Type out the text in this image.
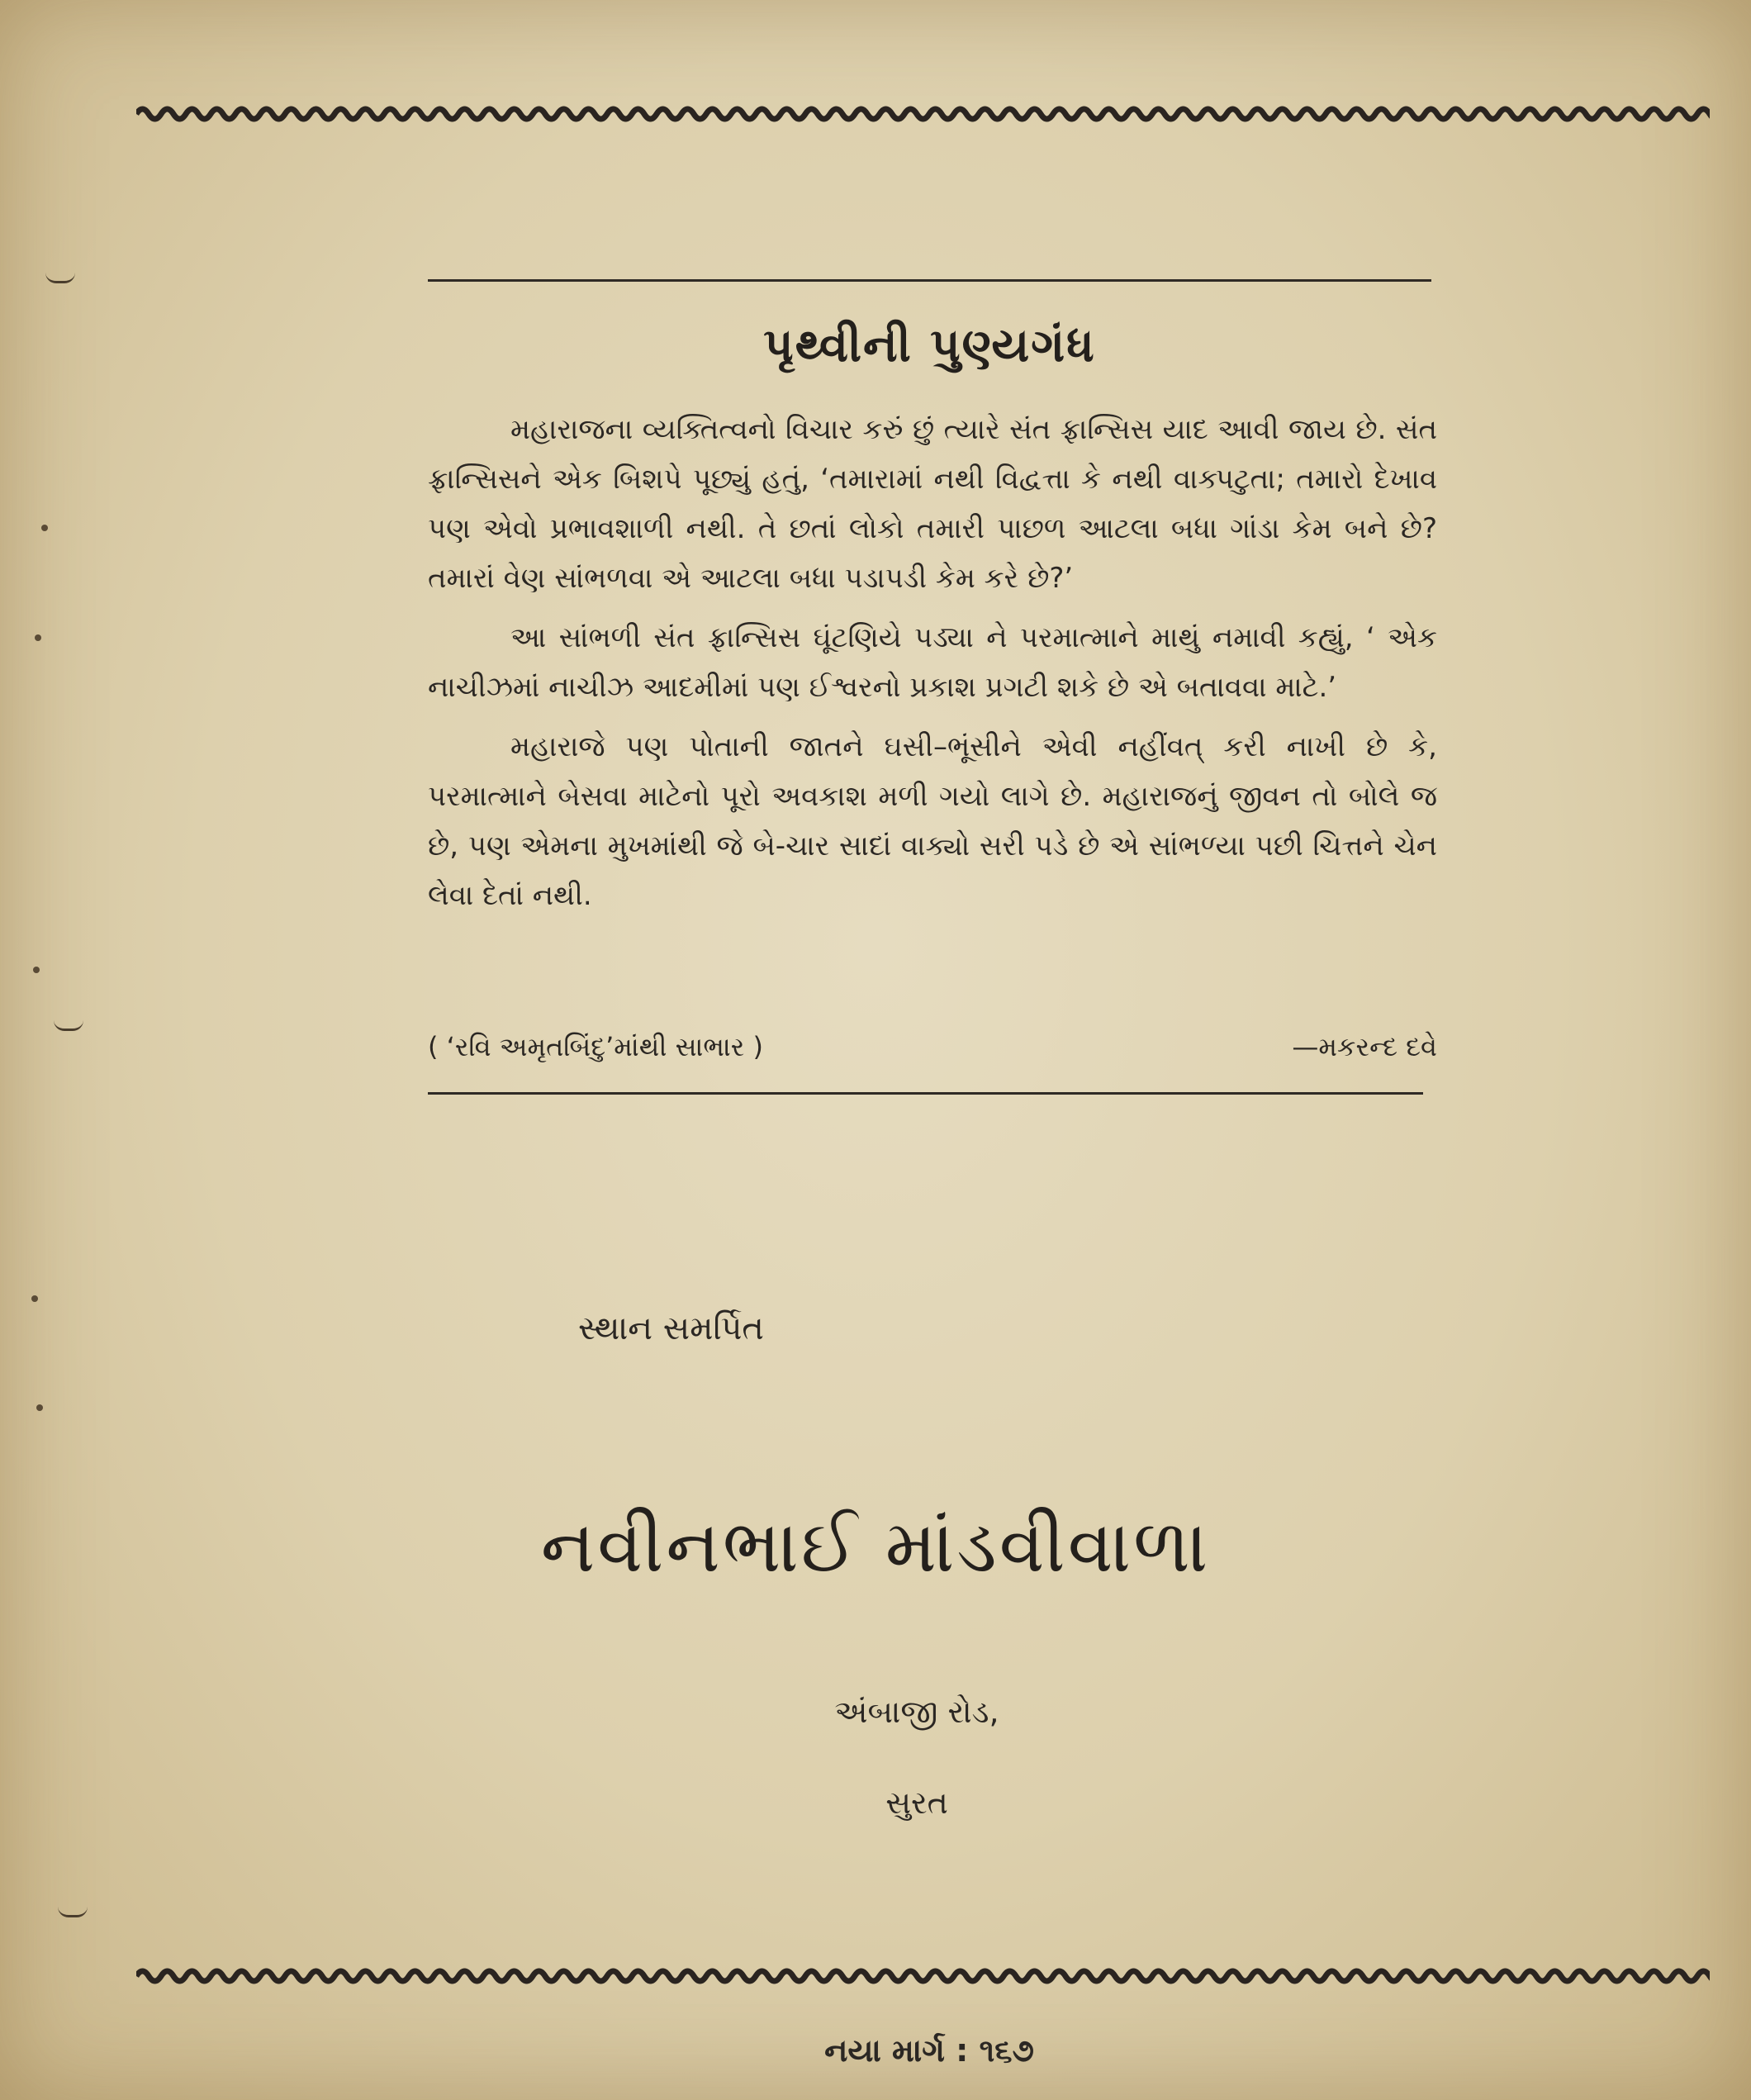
પૃથ્વીની પુણ્યગંધ

મહારાજના વ્યક્તિત્વનો વિચાર કરું છું ત્યારે સંત ફ્રાન્સિસ યાદ આવી જાય છે. સંત ફ્રાન્સિસને એક બિશપે પૂછ્યું હતું, ‘તમારામાં નથી વિદ્વત્તા કે નથી વાક્પટુતા; તમારો દેખાવ પણ એવો પ્રભાવશાળી નથી. તે છતાં લોકો તમારી પાછળ આટલા બધા ગાંડા કેમ બને છે? તમારાં વેણ સાંભળવા એ આટલા બધા પડાપડી કેમ કરે છે?’

આ સાંભળી સંત ફ્રાન્સિસ ઘૂંટણિયે પડ્યા ને પરમાત્માને માથું નમાવી કહ્યું, ‘ એક નાચીઝમાં નાચીઝ આદમીમાં પણ ઈશ્વરનો પ્રકાશ પ્રગટી શકે છે એ બતાવવા માટે.’

મહારાજે પણ પોતાની જાતને ઘસી–ભૂંસીને એવી નહીંવત્ કરી નાખી છે કે, પરમાત્માને બેસવા માટેનો પૂરો અવકાશ મળી ગયો લાગે છે. મહારાજનું જીવન તો બોલે જ છે, પણ એમના મુખમાંથી જે બે-ચાર સાદાં વાક્યો સરી પડે છે એ સાંભળ્યા પછી ચિત્તને ચેન લેવા દેતાં નથી.

( ‘રવિ અમૃતબિંદુ’માંથી સાભાર )	—મકરન્દ દવે
સ્થાન સમર્પિત
નવીનભાઈ માંડવીવાળા
અંબાજી રોડ,
સુરત
નયા માર્ગ : ૧૬૭
